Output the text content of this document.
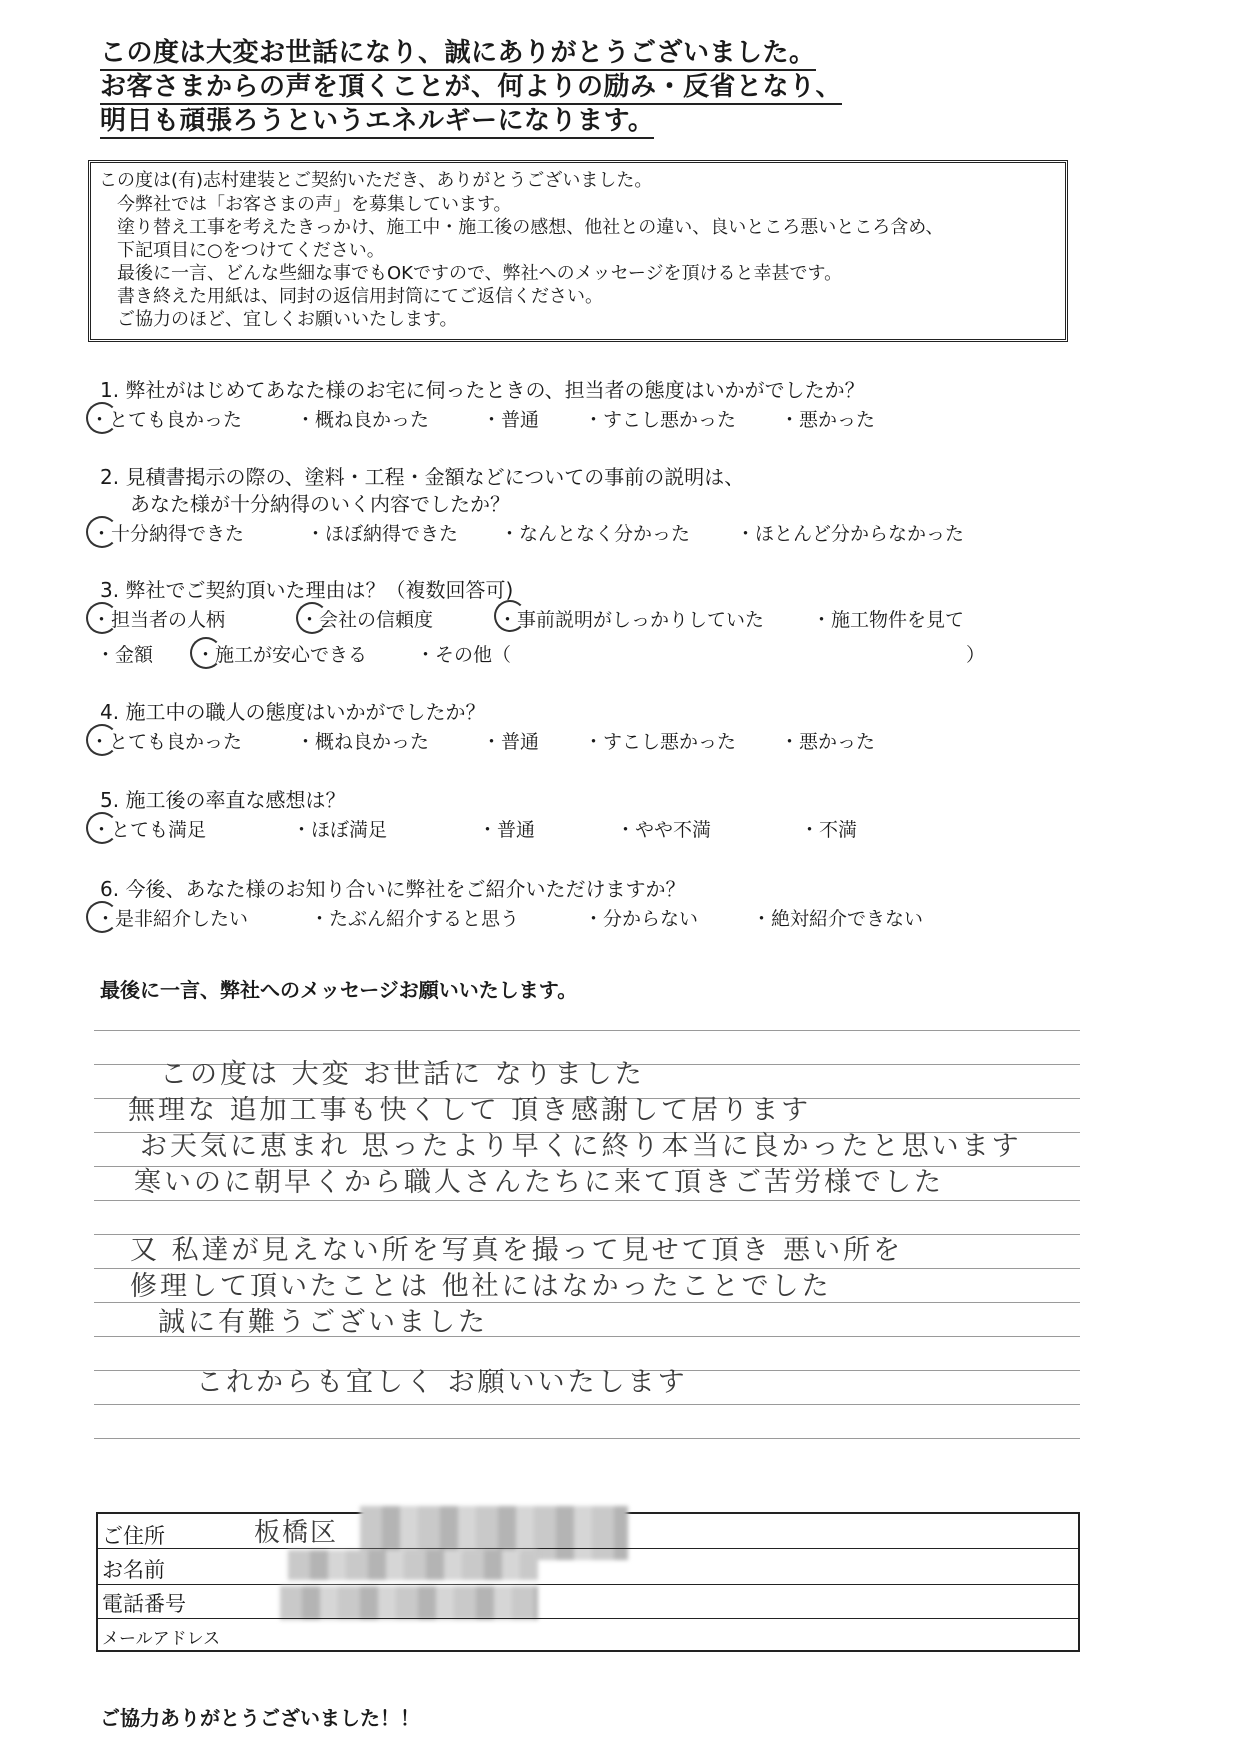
この度は大変お世話になり、誠にありがとうございました。
お客さまからの声を頂くことが、何よりの励み・反省となり、
明日も頑張ろうというエネルギーになります。
この度は(有)志村建装とご契約いただき、ありがとうございました。
今弊社では「お客さまの声」を募集しています。
塗り替え工事を考えたきっかけ、施工中・施工後の感想、他社との違い、良いところ悪いところ含め、
下記項目に○をつけてください。
最後に一言、どんな些細な事でもOKですので、弊社へのメッセージを頂けると幸甚です。
書き終えた用紙は、同封の返信用封筒にてご返信ください。
ご協力のほど、宜しくお願いいたします。
1. 弊社がはじめてあなた様のお宅に伺ったときの、担当者の態度はいかがでしたか？
・とても良かった	・概ね良かった	・普通 ・すこし悪かった ・悪かった
2. 見積書掲示の際の、塗料・工程・金額などについての事前の説明は、
あなた様が十分納得のいく内容でしたか？
・十分納得できた	・ほぼ納得できた ・なんとなく分かった ・ほとんど分からなかった
3. 弊社でご契約頂いた理由は？（複数回答可)
・担当者の人柄	・会社の信頼度	・事前説明がしっかりしていた	・施工物件を見て
・金額 ・施工が安心できる	・その他（	）
4. 施工中の職人の態度はいかがでしたか？
・とても良かった	・概ね良かった	・普通 ・すこし悪かった ・悪かった
5. 施工後の率直な感想は？
・とても満足	・ほぼ満足	・普通	・やや不満	・不満
6. 今後、あなた様のお知り合いに弊社をご紹介いただけますか？
・是非紹介したい	・たぶん紹介すると思う	・分からない	・絶対紹介できない
最後に一言、弊社へのメッセージお願いいたします。
この度は 大変 お世話に なりました
無理な 追加工事も快くして 頂き感謝して居ります
お天気に恵まれ 思ったより早くに終り本当に良かったと思います
寒いのに朝早くから職人さんたちに来て頂きご苦労様でした
又 私達が見えない所を写真を撮って見せて頂き 悪い所を
修理して頂いたことは 他社にはなかったことでした
誠に有難うございました
これからも宜しく お願いいたします
ご住所	板橋区
お名前
電話番号
メールアドレス
ご協力ありがとうございました！！
